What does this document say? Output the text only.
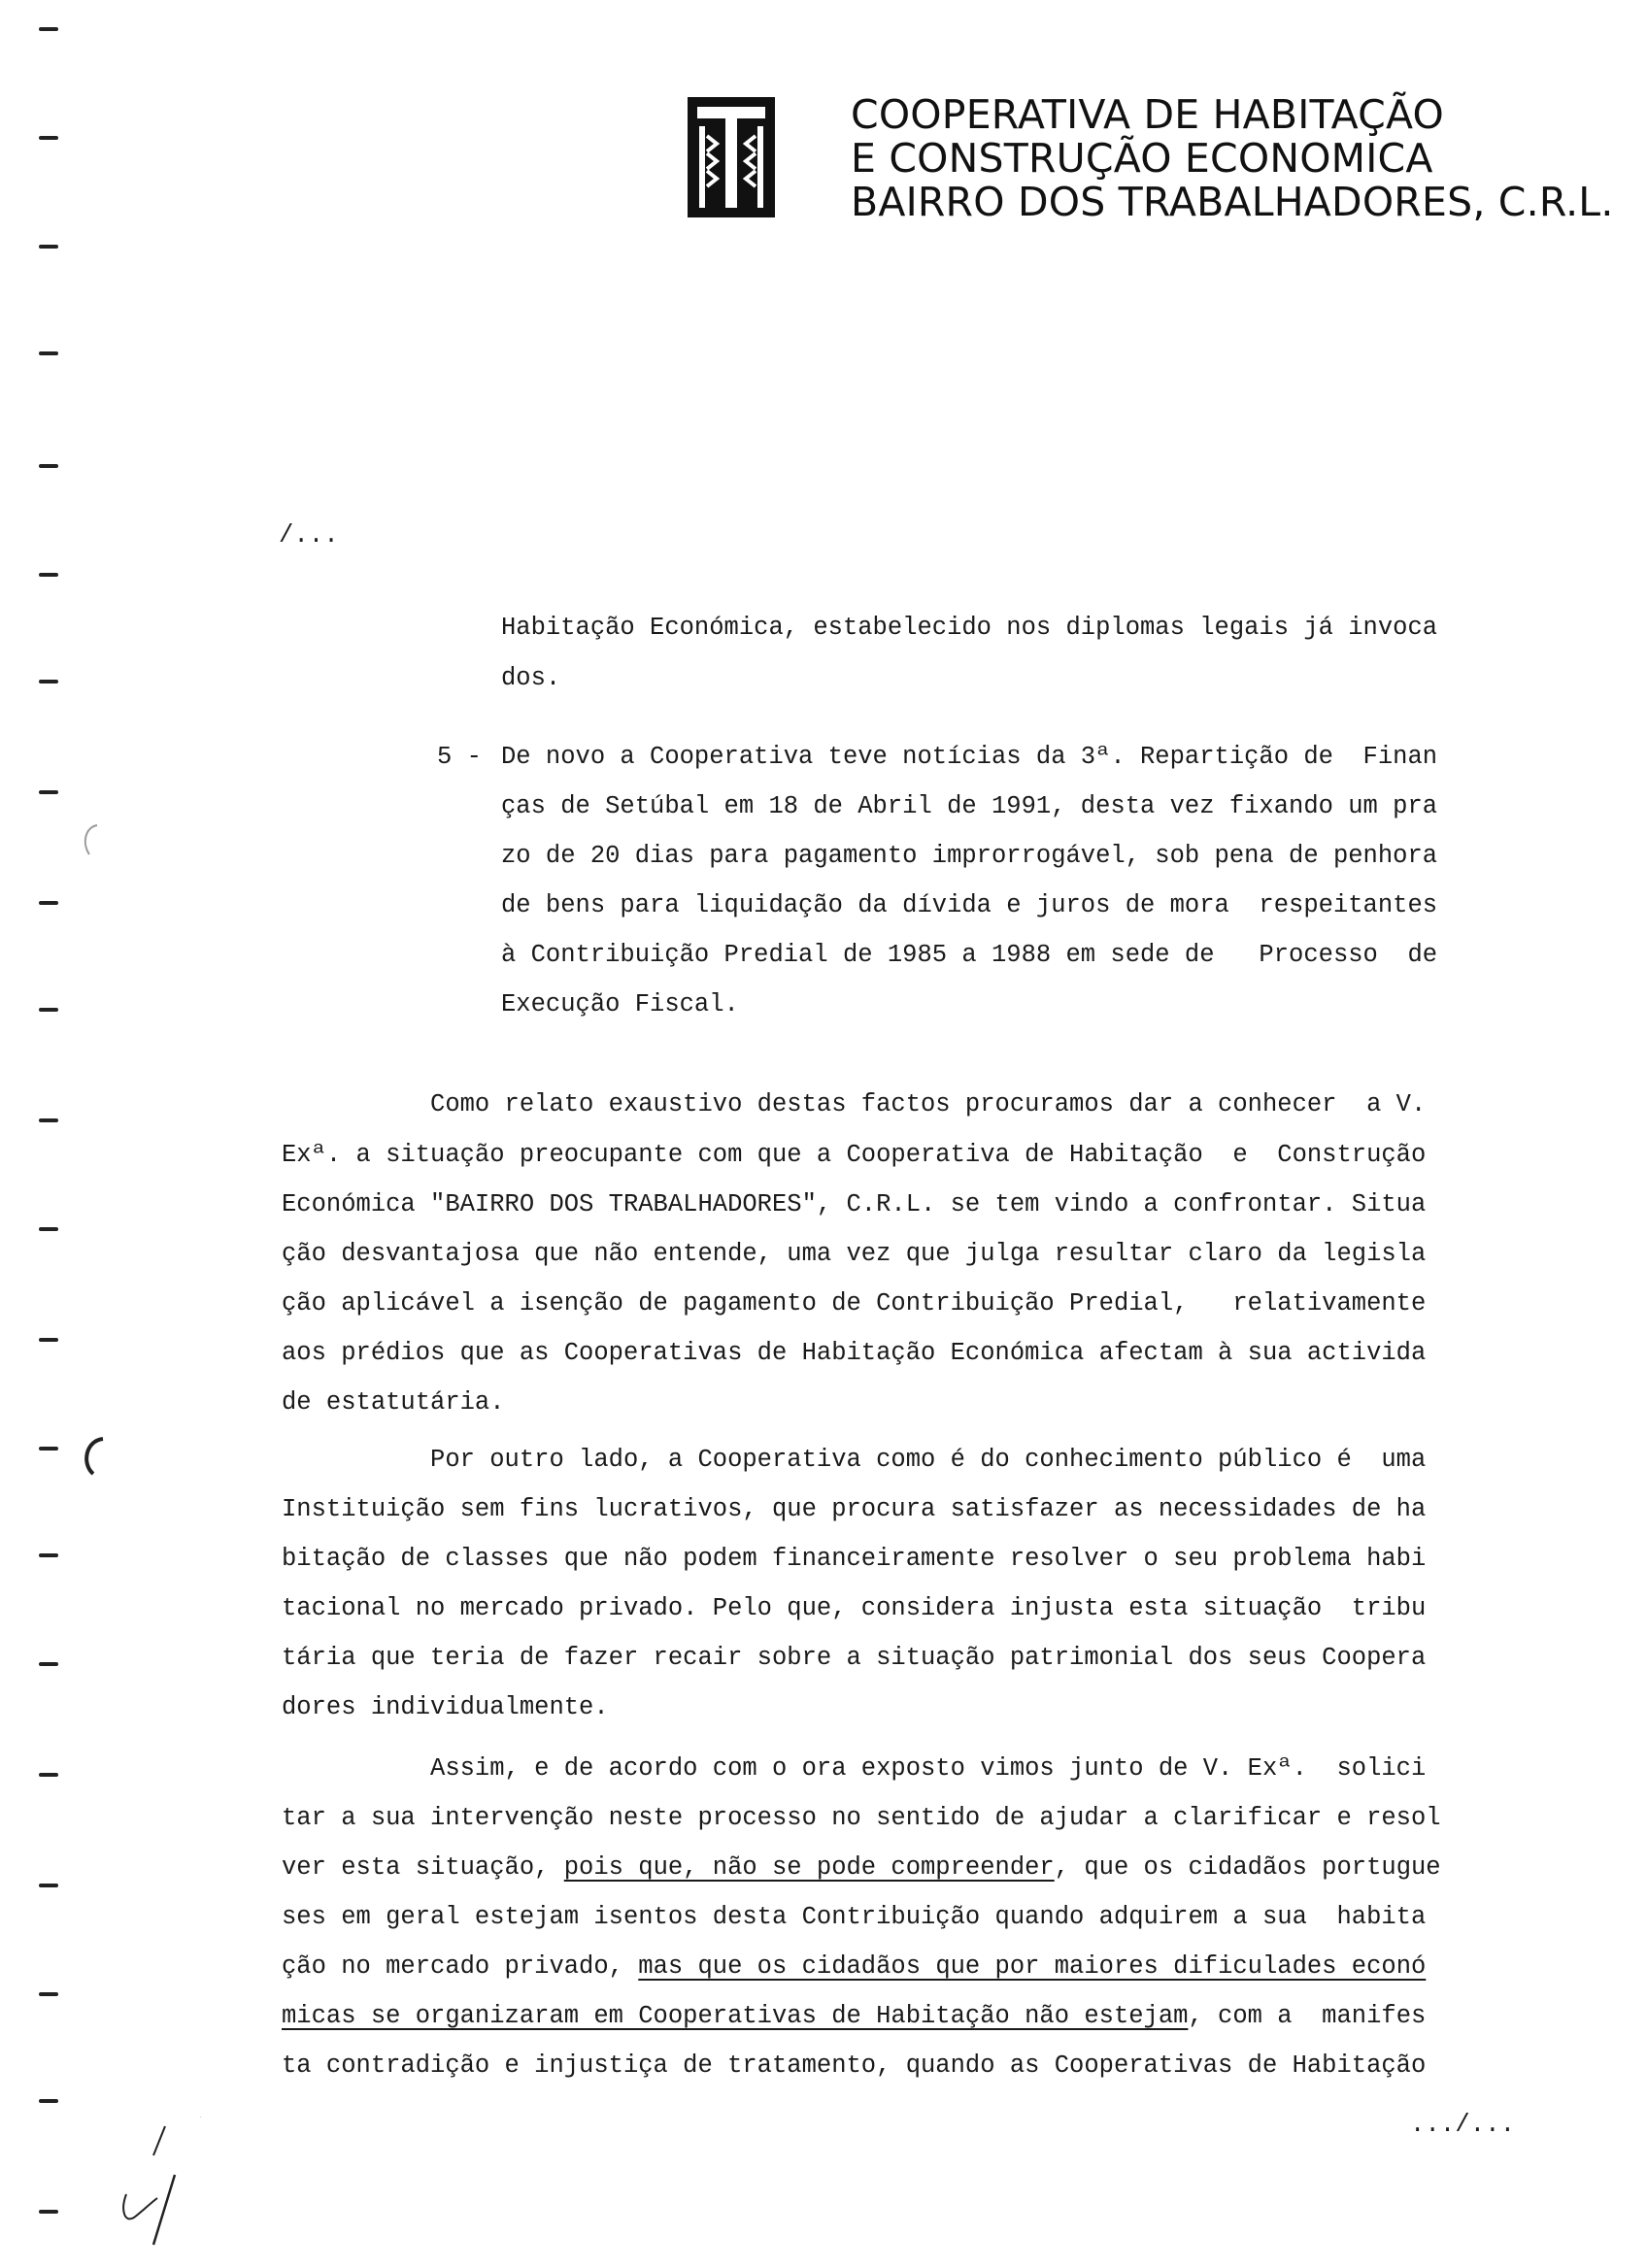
COOPERATIVA DE HABITAÇÃO
E CONSTRUÇÃO ECONOMICA
BAIRRO DOS TRABALHADORES, C.R.L.
/...
Habitação Económica, estabelecido nos diplomas legais já invoca
dos.
5 - De novo a Cooperativa teve notícias da 3ª. Repartição de  Finan
ças de Setúbal em 18 de Abril de 1991, desta vez fixando um pra
zo de 20 dias para pagamento improrrogável, sob pena de penhora
de bens para liquidação da dívida e juros de mora  respeitantes
à Contribuição Predial de 1985 a 1988 em sede de   Processo  de
Execução Fiscal.
Como relato exaustivo destas factos procuramos dar a conhecer  a V.
Exª. a situação preocupante com que a Cooperativa de Habitação  e  Construção
Económica "BAIRRO DOS TRABALHADORES", C.R.L. se tem vindo a confrontar. Situa
ção desvantajosa que não entende, uma vez que julga resultar claro da legisla
ção aplicável a isenção de pagamento de Contribuição Predial,   relativamente
aos prédios que as Cooperativas de Habitação Económica afectam à sua activida
de estatutária.
Por outro lado, a Cooperativa como é do conhecimento público é  uma
Instituição sem fins lucrativos, que procura satisfazer as necessidades de ha
bitação de classes que não podem financeiramente resolver o seu problema habi
tacional no mercado privado. Pelo que, considera injusta esta situação  tribu
tária que teria de fazer recair sobre a situação patrimonial dos seus Coopera
dores individualmente.
Assim, e de acordo com o ora exposto vimos junto de V. Exª.  solici
tar a sua intervenção neste processo no sentido de ajudar a clarificar e resol
ver esta situação, pois que, não se pode compreender, que os cidadãos portugue
ses em geral estejam isentos desta Contribuição quando adquirem a sua  habita
ção no mercado privado, mas que os cidadãos que por maiores dificulades econó
micas se organizaram em Cooperativas de Habitação não estejam, com a  manifes
ta contradição e injustiça de tratamento, quando as Cooperativas de Habitação
.../...
